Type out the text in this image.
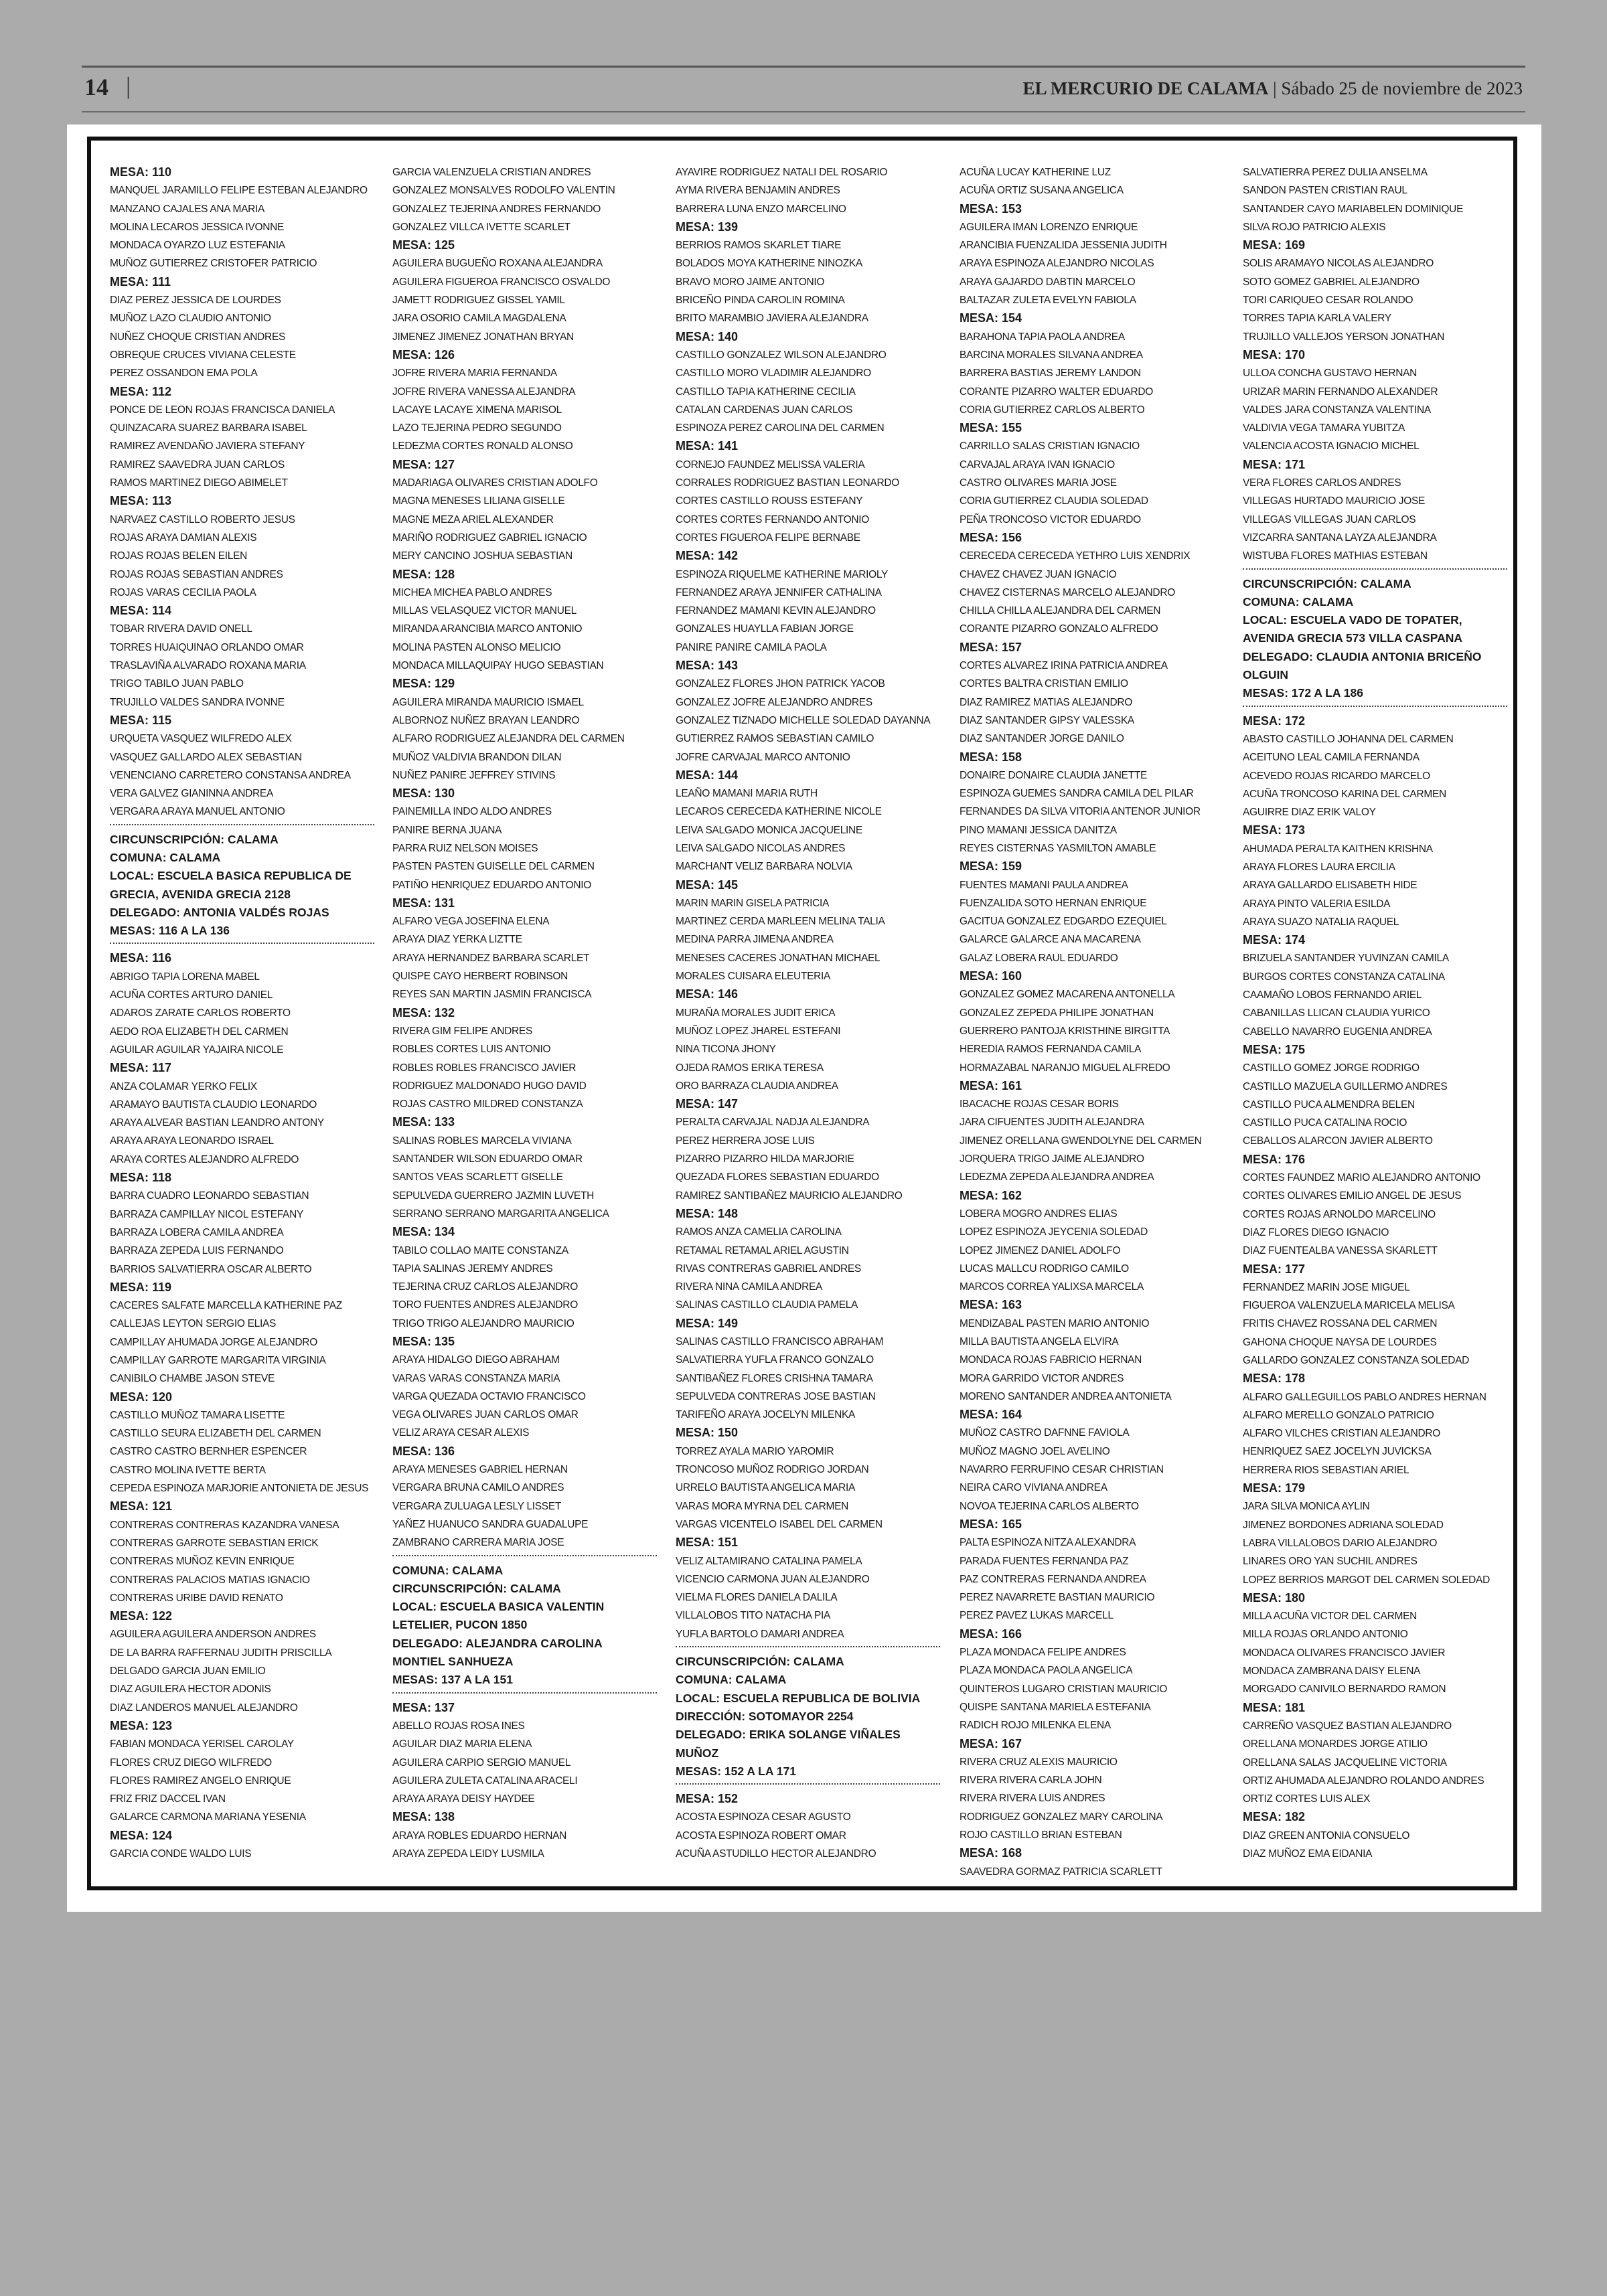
14 |	EL MERCURIO DE CALAMA | Sábado 25 de noviembre de 2023
MESA: 110
MANQUEL JARAMILLO FELIPE ESTEBAN ALEJANDRO
MANZANO CAJALES ANA MARIA
MOLINA LECAROS JESSICA IVONNE
MONDACA OYARZO LUZ ESTEFANIA
MUÑOZ GUTIERREZ CRISTOFER PATRICIO
MESA: 111
DIAZ PEREZ JESSICA DE LOURDES
MUÑOZ LAZO CLAUDIO ANTONIO
NUÑEZ CHOQUE CRISTIAN ANDRES
OBREQUE CRUCES VIVIANA CELESTE
PEREZ OSSANDON EMA POLA
MESA: 112
PONCE DE LEON ROJAS FRANCISCA DANIELA
QUINZACARA SUAREZ BARBARA ISABEL
RAMIREZ AVENDAÑO JAVIERA STEFANY
RAMIREZ SAAVEDRA JUAN CARLOS
RAMOS MARTINEZ DIEGO ABIMELET
MESA: 113
NARVAEZ CASTILLO ROBERTO JESUS
ROJAS ARAYA DAMIAN ALEXIS
ROJAS ROJAS BELEN EILEN
ROJAS ROJAS SEBASTIAN ANDRES
ROJAS VARAS CECILIA PAOLA
MESA: 114
TOBAR RIVERA DAVID ONELL
TORRES HUAIQUINAO ORLANDO OMAR
TRASLAVIÑA ALVARADO ROXANA MARIA
TRIGO TABILO JUAN PABLO
TRUJILLO VALDES SANDRA IVONNE
MESA: 115
URQUETA VASQUEZ WILFREDO ALEX
VASQUEZ GALLARDO ALEX SEBASTIAN
VENENCIANO CARRETERO CONSTANSA ANDREA
VERA GALVEZ GIANINNA ANDREA
VERGARA ARAYA MANUEL ANTONIO
CIRCUNSCRIPCIÓN: CALAMA
COMUNA: CALAMA
LOCAL: ESCUELA BASICA REPUBLICA DE GRECIA, AVENIDA GRECIA 2128
DELEGADO: ANTONIA VALDÉS ROJAS
MESAS: 116 A LA 136
MESA: 116
ABRIGO TAPIA LORENA MABEL
ACUÑA CORTES ARTURO DANIEL
ADAROS ZARATE CARLOS ROBERTO
AEDO ROA ELIZABETH DEL CARMEN
AGUILAR AGUILAR YAJAIRA NICOLE
MESA: 117
ANZA COLAMAR YERKO FELIX
ARAMAYO BAUTISTA CLAUDIO LEONARDO
ARAYA ALVEAR BASTIAN LEANDRO ANTONY
ARAYA ARAYA LEONARDO ISRAEL
ARAYA CORTES ALEJANDRO ALFREDO
MESA: 118
BARRA CUADRO LEONARDO SEBASTIAN
BARRAZA CAMPILLAY NICOL ESTEFANY
BARRAZA LOBERA CAMILA ANDREA
BARRAZA ZEPEDA LUIS FERNANDO
BARRIOS SALVATIERRA OSCAR ALBERTO
MESA: 119
CACERES SALFATE MARCELLA KATHERINE PAZ
CALLEJAS LEYTON SERGIO ELIAS
CAMPILLAY AHUMADA JORGE ALEJANDRO
CAMPILLAY GARROTE MARGARITA VIRGINIA
CANIBILO CHAMBE JASON STEVE
MESA: 120
CASTILLO MUÑOZ TAMARA LISETTE
CASTILLO SEURA ELIZABETH DEL CARMEN
CASTRO CASTRO BERNHER ESPENCER
CASTRO MOLINA IVETTE BERTA
CEPEDA ESPINOZA MARJORIE ANTONIETA DE JESUS
MESA: 121
CONTRERAS CONTRERAS KAZANDRA VANESA
CONTRERAS GARROTE SEBASTIAN ERICK
CONTRERAS MUÑOZ KEVIN ENRIQUE
CONTRERAS PALACIOS MATIAS IGNACIO
CONTRERAS URIBE DAVID RENATO
MESA: 122
AGUILERA AGUILERA ANDERSON ANDRES
DE LA BARRA RAFFERNAU JUDITH PRISCILLA
DELGADO GARCIA JUAN EMILIO
DIAZ AGUILERA HECTOR ADONIS
DIAZ LANDEROS MANUEL ALEJANDRO
MESA: 123
FABIAN MONDACA YERISEL CAROLAY
FLORES CRUZ DIEGO WILFREDO
FLORES RAMIREZ ANGELO ENRIQUE
FRIZ FRIZ DACCEL IVAN
GALARCE CARMONA MARIANA YESENIA
MESA: 124
GARCIA CONDE WALDO LUIS
GARCIA VALENZUELA CRISTIAN ANDRES
GONZALEZ MONSALVES RODOLFO VALENTIN
GONZALEZ TEJERINA ANDRES FERNANDO
GONZALEZ VILLCA IVETTE SCARLET
MESA: 125
AGUILERA BUGUEÑO ROXANA ALEJANDRA
AGUILERA FIGUEROA FRANCISCO OSVALDO
JAMETT RODRIGUEZ GISSEL YAMIL
JARA OSORIO CAMILA MAGDALENA
JIMENEZ JIMENEZ JONATHAN BRYAN
MESA: 126
JOFRE RIVERA MARIA FERNANDA
JOFRE RIVERA VANESSA ALEJANDRA
LACAYE LACAYE XIMENA MARISOL
LAZO TEJERINA PEDRO SEGUNDO
LEDEZMA CORTES RONALD ALONSO
MESA: 127
MADARIAGA OLIVARES CRISTIAN ADOLFO
MAGNA MENESES LILIANA GISELLE
MAGNE MEZA ARIEL ALEXANDER
MARIÑO RODRIGUEZ GABRIEL IGNACIO
MERY CANCINO JOSHUA SEBASTIAN
MESA: 128
MICHEA MICHEA PABLO ANDRES
MILLAS VELASQUEZ VICTOR MANUEL
MIRANDA ARANCIBIA MARCO ANTONIO
MOLINA PASTEN ALONSO MELICIO
MONDACA MILLAQUIPAY HUGO SEBASTIAN
MESA: 129
AGUILERA MIRANDA MAURICIO ISMAEL
ALBORNOZ NUÑEZ BRAYAN LEANDRO
ALFARO RODRIGUEZ ALEJANDRA DEL CARMEN
MUÑOZ VALDIVIA BRANDON DILAN
NUÑEZ PANIRE JEFFREY STIVINS
MESA: 130
PAINEMILLA INDO ALDO ANDRES
PANIRE BERNA JUANA
PARRA RUIZ NELSON MOISES
PASTEN PASTEN GUISELLE DEL CARMEN
PATIÑO HENRIQUEZ EDUARDO ANTONIO
MESA: 131
ALFARO VEGA JOSEFINA ELENA
ARAYA DIAZ YERKA LIZTTE
ARAYA HERNANDEZ BARBARA SCARLET
QUISPE CAYO HERBERT ROBINSON
REYES SAN MARTIN JASMIN FRANCISCA
MESA: 132
RIVERA GIM FELIPE ANDRES
ROBLES CORTES LUIS ANTONIO
ROBLES ROBLES FRANCISCO JAVIER
RODRIGUEZ MALDONADO HUGO DAVID
ROJAS CASTRO MILDRED CONSTANZA
MESA: 133
SALINAS ROBLES MARCELA VIVIANA
SANTANDER WILSON EDUARDO OMAR
SANTOS VEAS SCARLETT GISELLE
SEPULVEDA GUERRERO JAZMIN LUVETH
SERRANO SERRANO MARGARITA ANGELICA
MESA: 134
TABILO COLLAO MAITE CONSTANZA
TAPIA SALINAS JEREMY ANDRES
TEJERINA CRUZ CARLOS ALEJANDRO
TORO FUENTES ANDRES ALEJANDRO
TRIGO TRIGO ALEJANDRO MAURICIO
MESA: 135
ARAYA HIDALGO DIEGO ABRAHAM
VARAS VARAS CONSTANZA MARIA
VARGA QUEZADA OCTAVIO FRANCISCO
VEGA OLIVARES JUAN CARLOS OMAR
VELIZ ARAYA CESAR ALEXIS
MESA: 136
ARAYA MENESES GABRIEL HERNAN
VERGARA BRUNA CAMILO ANDRES
VERGARA ZULUAGA LESLY LISSET
YAÑEZ HUANUCO SANDRA GUADALUPE
ZAMBRANO CARRERA MARIA JOSE
COMUNA: CALAMA
CIRCUNSCRIPCIÓN: CALAMA
LOCAL: ESCUELA BASICA VALENTIN LETELIER, PUCON 1850
DELEGADO: ALEJANDRA CAROLINA MONTIEL SANHUEZA
MESAS: 137 A LA 151
MESA: 137
ABELLO ROJAS ROSA INES
AGUILAR DIAZ MARIA ELENA
AGUILERA CARPIO SERGIO MANUEL
AGUILERA ZULETA CATALINA ARACELI
ARAYA ARAYA DEISY HAYDEE
MESA: 138
ARAYA ROBLES EDUARDO HERNAN
ARAYA ZEPEDA LEIDY LUSMILA
AYAVIRE RODRIGUEZ NATALI DEL ROSARIO
AYMA RIVERA BENJAMIN ANDRES
BARRERA LUNA ENZO MARCELINO
MESA: 139
BERRIOS RAMOS SKARLET TIARE
BOLADOS MOYA KATHERINE NINOZKA
BRAVO MORO JAIME ANTONIO
BRICEÑO PINDA CAROLIN ROMINA
BRITO MARAMBIO JAVIERA ALEJANDRA
MESA: 140
CASTILLO GONZALEZ WILSON ALEJANDRO
CASTILLO MORO VLADIMIR ALEJANDRO
CASTILLO TAPIA KATHERINE CECILIA
CATALAN CARDENAS JUAN CARLOS
ESPINOZA PEREZ CAROLINA DEL CARMEN
MESA: 141
CORNEJO FAUNDEZ MELISSA VALERIA
CORRALES RODRIGUEZ BASTIAN LEONARDO
CORTES CASTILLO ROUSS ESTEFANY
CORTES CORTES FERNANDO ANTONIO
CORTES FIGUEROA FELIPE BERNABE
MESA: 142
ESPINOZA RIQUELME KATHERINE MARIOLY
FERNANDEZ ARAYA JENNIFER CATHALINA
FERNANDEZ MAMANI KEVIN ALEJANDRO
GONZALES HUAYLLA FABIAN JORGE
PANIRE PANIRE CAMILA PAOLA
MESA: 143
GONZALEZ FLORES JHON PATRICK YACOB
GONZALEZ JOFRE ALEJANDRO ANDRES
GONZALEZ TIZNADO MICHELLE SOLEDAD DAYANNA
GUTIERREZ RAMOS SEBASTIAN CAMILO
JOFRE CARVAJAL MARCO ANTONIO
MESA: 144
LEAÑO MAMANI MARIA RUTH
LECAROS CERECEDA KATHERINE NICOLE
LEIVA SALGADO MONICA JACQUELINE
LEIVA SALGADO NICOLAS ANDRES
MARCHANT VELIZ BARBARA NOLVIA
MESA: 145
MARIN MARIN GISELA PATRICIA
MARTINEZ CERDA MARLEEN MELINA TALIA
MEDINA PARRA JIMENA ANDREA
MENESES CACERES JONATHAN MICHAEL
MORALES CUISARA ELEUTERIA
MESA: 146
MURAÑA MORALES JUDIT ERICA
MUÑOZ LOPEZ JHAREL ESTEFANI
NINA TICONA JHONY
OJEDA RAMOS ERIKA TERESA
ORO BARRAZA CLAUDIA ANDREA
MESA: 147
PERALTA CARVAJAL NADJA ALEJANDRA
PEREZ HERRERA JOSE LUIS
PIZARRO PIZARRO HILDA MARJORIE
QUEZADA FLORES SEBASTIAN EDUARDO
RAMIREZ SANTIBAÑEZ MAURICIO ALEJANDRO
MESA: 148
RAMOS ANZA CAMELIA CAROLINA
RETAMAL RETAMAL ARIEL AGUSTIN
RIVAS CONTRERAS GABRIEL ANDRES
RIVERA NINA CAMILA ANDREA
SALINAS CASTILLO CLAUDIA PAMELA
MESA: 149
SALINAS CASTILLO FRANCISCO ABRAHAM
SALVATIERRA YUFLA FRANCO GONZALO
SANTIBAÑEZ FLORES CRISHNA TAMARA
SEPULVEDA CONTRERAS JOSE BASTIAN
TARIFEÑO ARAYA JOCELYN MILENKA
MESA: 150
TORREZ AYALA MARIO YAROMIR
TRONCOSO MUÑOZ RODRIGO JORDAN
URRELO BAUTISTA ANGELICA MARIA
VARAS MORA MYRNA DEL CARMEN
VARGAS VICENTELO ISABEL DEL CARMEN
MESA: 151
VELIZ ALTAMIRANO CATALINA PAMELA
VICENCIO CARMONA JUAN ALEJANDRO
VIELMA FLORES DANIELA DALILA
VILLALOBOS TITO NATACHA PIA
YUFLA BARTOLO DAMARI ANDREA
CIRCUNSCRIPCIÓN: CALAMA
COMUNA: CALAMA
LOCAL: ESCUELA REPUBLICA DE BOLIVIA
DIRECCIÓN: SOTOMAYOR 2254
DELEGADO: ERIKA SOLANGE VIÑALES MUÑOZ
MESAS: 152 A LA 171
MESA: 152
ACOSTA ESPINOZA CESAR AGUSTO
ACOSTA ESPINOZA ROBERT OMAR
ACUÑA ASTUDILLO HECTOR ALEJANDRO
ACUÑA LUCAY KATHERINE LUZ
ACUÑA ORTIZ SUSANA ANGELICA
MESA: 153
AGUILERA IMAN LORENZO ENRIQUE
ARANCIBIA FUENZALIDA JESSENIA JUDITH
ARAYA ESPINOZA ALEJANDRO NICOLAS
ARAYA GAJARDO DABTIN MARCELO
BALTAZAR ZULETA EVELYN FABIOLA
MESA: 154
BARAHONA TAPIA PAOLA ANDREA
BARCINA MORALES SILVANA ANDREA
BARRERA BASTIAS JEREMY LANDON
CORANTE PIZARRO WALTER EDUARDO
CORIA GUTIERREZ CARLOS ALBERTO
MESA: 155
CARRILLO SALAS CRISTIAN IGNACIO
CARVAJAL ARAYA IVAN IGNACIO
CASTRO OLIVARES MARIA JOSE
CORIA GUTIERREZ CLAUDIA SOLEDAD
PEÑA TRONCOSO VICTOR EDUARDO
MESA: 156
CERECEDA CERECEDA YETHRO LUIS XENDRIX
CHAVEZ CHAVEZ JUAN IGNACIO
CHAVEZ CISTERNAS MARCELO ALEJANDRO
CHILLA CHILLA ALEJANDRA DEL CARMEN
CORANTE PIZARRO GONZALO ALFREDO
MESA: 157
CORTES ALVAREZ IRINA PATRICIA ANDREA
CORTES BALTRA CRISTIAN EMILIO
DIAZ RAMIREZ MATIAS ALEJANDRO
DIAZ SANTANDER GIPSY VALESSKA
DIAZ SANTANDER JORGE DANILO
MESA: 158
DONAIRE DONAIRE CLAUDIA JANETTE
ESPINOZA GUEMES SANDRA CAMILA DEL PILAR
FERNANDES DA SILVA VITORIA ANTENOR JUNIOR
PINO MAMANI JESSICA DANITZA
REYES CISTERNAS YASMILTON AMABLE
MESA: 159
FUENTES MAMANI PAULA ANDREA
FUENZALIDA SOTO HERNAN ENRIQUE
GACITUA GONZALEZ EDGARDO EZEQUIEL
GALARCE GALARCE ANA MACARENA
GALAZ LOBERA RAUL EDUARDO
MESA: 160
GONZALEZ GOMEZ MACARENA ANTONELLA
GONZALEZ ZEPEDA PHILIPE JONATHAN
GUERRERO PANTOJA KRISTHINE BIRGITTA
HEREDIA RAMOS FERNANDA CAMILA
HORMAZABAL NARANJO MIGUEL ALFREDO
MESA: 161
IBACACHE ROJAS CESAR BORIS
JARA CIFUENTES JUDITH ALEJANDRA
JIMENEZ ORELLANA GWENDOLYNE DEL CARMEN
JORQUERA TRIGO JAIME ALEJANDRO
LEDEZMA ZEPEDA ALEJANDRA ANDREA
MESA: 162
LOBERA MOGRO ANDRES ELIAS
LOPEZ ESPINOZA JEYCENIA SOLEDAD
LOPEZ JIMENEZ DANIEL ADOLFO
LUCAS MALLCU RODRIGO CAMILO
MARCOS CORREA YALIXSA MARCELA
MESA: 163
MENDIZABAL PASTEN MARIO ANTONIO
MILLA BAUTISTA ANGELA ELVIRA
MONDACA ROJAS FABRICIO HERNAN
MORA GARRIDO VICTOR ANDRES
MORENO SANTANDER ANDREA ANTONIETA
MESA: 164
MUÑOZ CASTRO DAFNNE FAVIOLA
MUÑOZ MAGNO JOEL AVELINO
NAVARRO FERRUFINO CESAR CHRISTIAN
NEIRA CARO VIVIANA ANDREA
NOVOA TEJERINA CARLOS ALBERTO
MESA: 165
PALTA ESPINOZA NITZA ALEXANDRA
PARADA FUENTES FERNANDA PAZ
PAZ CONTRERAS FERNANDA ANDREA
PEREZ NAVARRETE BASTIAN MAURICIO
PEREZ PAVEZ LUKAS MARCELL
MESA: 166
PLAZA MONDACA FELIPE ANDRES
PLAZA MONDACA PAOLA ANGELICA
QUINTEROS LUGARO CRISTIAN MAURICIO
QUISPE SANTANA MARIELA ESTEFANIA
RADICH ROJO MILENKA ELENA
MESA: 167
RIVERA CRUZ ALEXIS MAURICIO
RIVERA RIVERA CARLA JOHN
RIVERA RIVERA LUIS ANDRES
RODRIGUEZ GONZALEZ MARY CAROLINA
ROJO CASTILLO BRIAN ESTEBAN
MESA: 168
SAAVEDRA GORMAZ PATRICIA SCARLETT
SALVATIERRA PEREZ DULIA ANSELMA
SANDON PASTEN CRISTIAN RAUL
SANTANDER CAYO MARIABELEN DOMINIQUE
SILVA ROJO PATRICIO ALEXIS
MESA: 169
SOLIS ARAMAYO NICOLAS ALEJANDRO
SOTO GOMEZ GABRIEL ALEJANDRO
TORI CARIQUEO CESAR ROLANDO
TORRES TAPIA KARLA VALERY
TRUJILLO VALLEJOS YERSON JONATHAN
MESA: 170
ULLOA CONCHA GUSTAVO HERNAN
URIZAR MARIN FERNANDO ALEXANDER
VALDES JARA CONSTANZA VALENTINA
VALDIVIA VEGA TAMARA YUBITZA
VALENCIA ACOSTA IGNACIO MICHEL
MESA: 171
VERA FLORES CARLOS ANDRES
VILLEGAS HURTADO MAURICIO JOSE
VILLEGAS VILLEGAS JUAN CARLOS
VIZCARRA SANTANA LAYZA ALEJANDRA
WISTUBA FLORES MATHIAS ESTEBAN
CIRCUNSCRIPCIÓN: CALAMA
COMUNA: CALAMA
LOCAL: ESCUELA VADO DE TOPATER, AVENIDA GRECIA 573 VILLA CASPANA
DELEGADO: CLAUDIA ANTONIA BRICEÑO OLGUIN
MESAS: 172 A LA 186
MESA: 172
ABASTO CASTILLO JOHANNA DEL CARMEN
ACEITUNO LEAL CAMILA FERNANDA
ACEVEDO ROJAS RICARDO MARCELO
ACUÑA TRONCOSO KARINA DEL CARMEN
AGUIRRE DIAZ ERIK VALOY
MESA: 173
AHUMADA PERALTA KAITHEN KRISHNA
ARAYA FLORES LAURA ERCILIA
ARAYA GALLARDO ELISABETH HIDE
ARAYA PINTO VALERIA ESILDA
ARAYA SUAZO NATALIA RAQUEL
MESA: 174
BRIZUELA SANTANDER YUVINZAN CAMILA
BURGOS CORTES CONSTANZA CATALINA
CAAMAÑO LOBOS FERNANDO ARIEL
CABANILLAS LLICAN CLAUDIA YURICO
CABELLO NAVARRO EUGENIA ANDREA
MESA: 175
CASTILLO GOMEZ JORGE RODRIGO
CASTILLO MAZUELA GUILLERMO ANDRES
CASTILLO PUCA ALMENDRA BELEN
CASTILLO PUCA CATALINA ROCIO
CEBALLOS ALARCON JAVIER ALBERTO
MESA: 176
CORTES FAUNDEZ MARIO ALEJANDRO ANTONIO
CORTES OLIVARES EMILIO ANGEL DE JESUS
CORTES ROJAS ARNOLDO MARCELINO
DIAZ FLORES DIEGO IGNACIO
DIAZ FUENTEALBA VANESSA SKARLETT
MESA: 177
FERNANDEZ MARIN JOSE MIGUEL
FIGUEROA VALENZUELA MARICELA MELISA
FRITIS CHAVEZ ROSSANA DEL CARMEN
GAHONA CHOQUE NAYSA DE LOURDES
GALLARDO GONZALEZ CONSTANZA SOLEDAD
MESA: 178
ALFARO GALLEGUILLOS PABLO ANDRES HERNAN
ALFARO MERELLO GONZALO PATRICIO
ALFARO VILCHES CRISTIAN ALEJANDRO
HENRIQUEZ SAEZ JOCELYN JUVICKSA
HERRERA RIOS SEBASTIAN ARIEL
MESA: 179
JARA SILVA MONICA AYLIN
JIMENEZ BORDONES ADRIANA SOLEDAD
LABRA VILLALOBOS DARIO ALEJANDRO
LINARES ORO YAN SUCHIL ANDRES
LOPEZ BERRIOS MARGOT DEL CARMEN SOLEDAD
MESA: 180
MILLA ACUÑA VICTOR DEL CARMEN
MILLA ROJAS ORLANDO ANTONIO
MONDACA OLIVARES FRANCISCO JAVIER
MONDACA ZAMBRANA DAISY ELENA
MORGADO CANIVILO BERNARDO RAMON
MESA: 181
CARREÑO VASQUEZ BASTIAN ALEJANDRO
ORELLANA MONARDES JORGE ATILIO
ORELLANA SALAS JACQUELINE VICTORIA
ORTIZ AHUMADA ALEJANDRO ROLANDO ANDRES
ORTIZ CORTES LUIS ALEX
MESA: 182
DIAZ GREEN ANTONIA CONSUELO
DIAZ MUÑOZ EMA EIDANIA
